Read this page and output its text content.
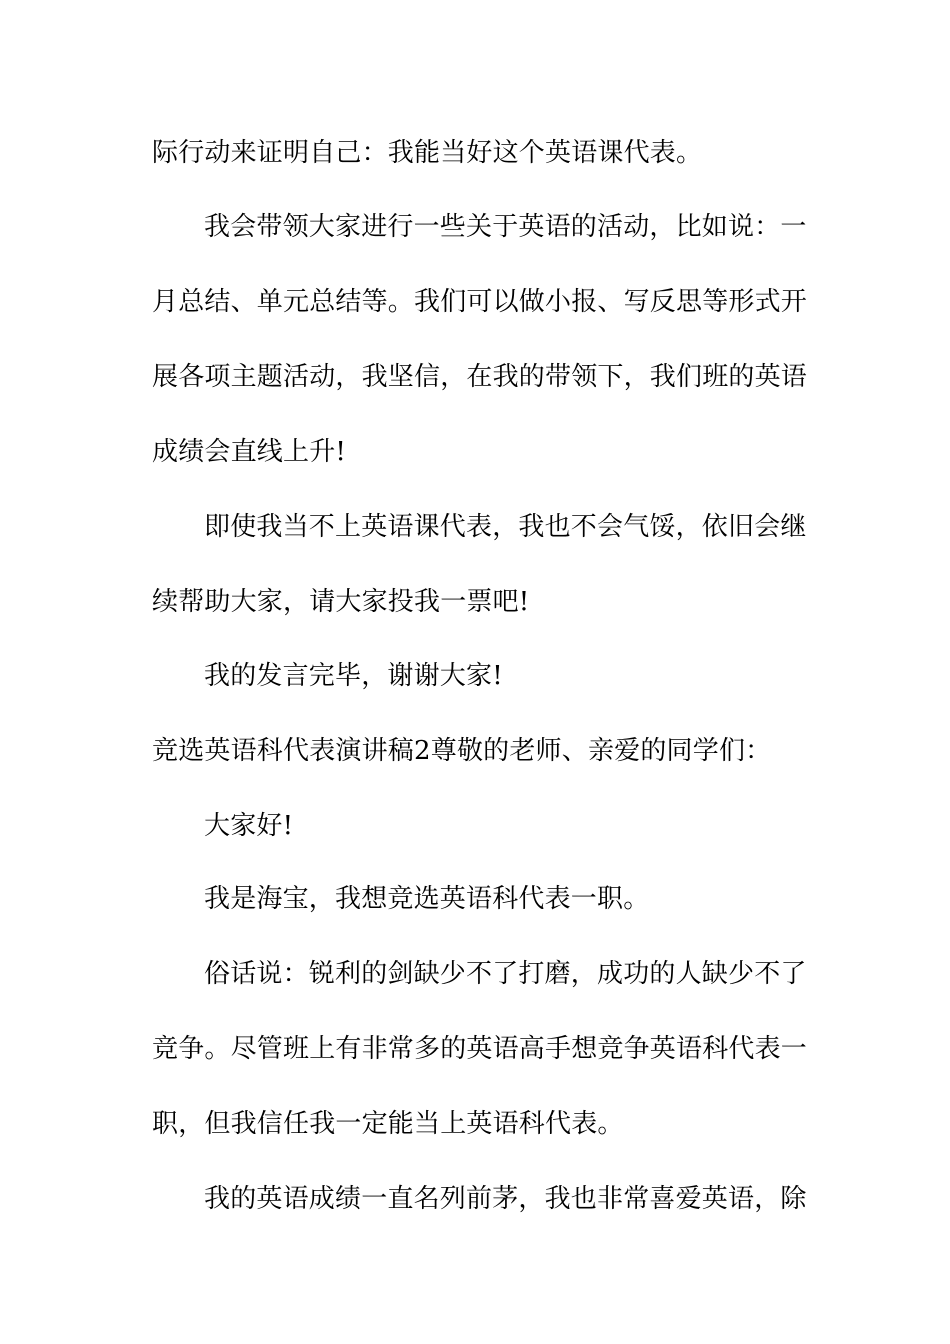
际行动来证明自己：我能当好这个英语课代表。

我会带领大家进行一些关于英语的活动，比如说：一

月总结、单元总结等。我们可以做小报、写反思等形式开

展各项主题活动，我坚信，在我的带领下，我们班的英语

成绩会直线上升!

即使我当不上英语课代表，我也不会气馁，依旧会继

续帮助大家，请大家投我一票吧!

我的发言完毕，谢谢大家!

竞选英语科代表演讲稿2尊敬的老师、亲爱的同学们：

大家好!

我是海宝，我想竞选英语科代表一职。

俗话说：锐利的剑缺少不了打磨，成功的人缺少不了

竞争。尽管班上有非常多的英语高手想竞争英语科代表一

职，但我信任我一定能当上英语科代表。

我的英语成绩一直名列前茅，我也非常喜爱英语，除
